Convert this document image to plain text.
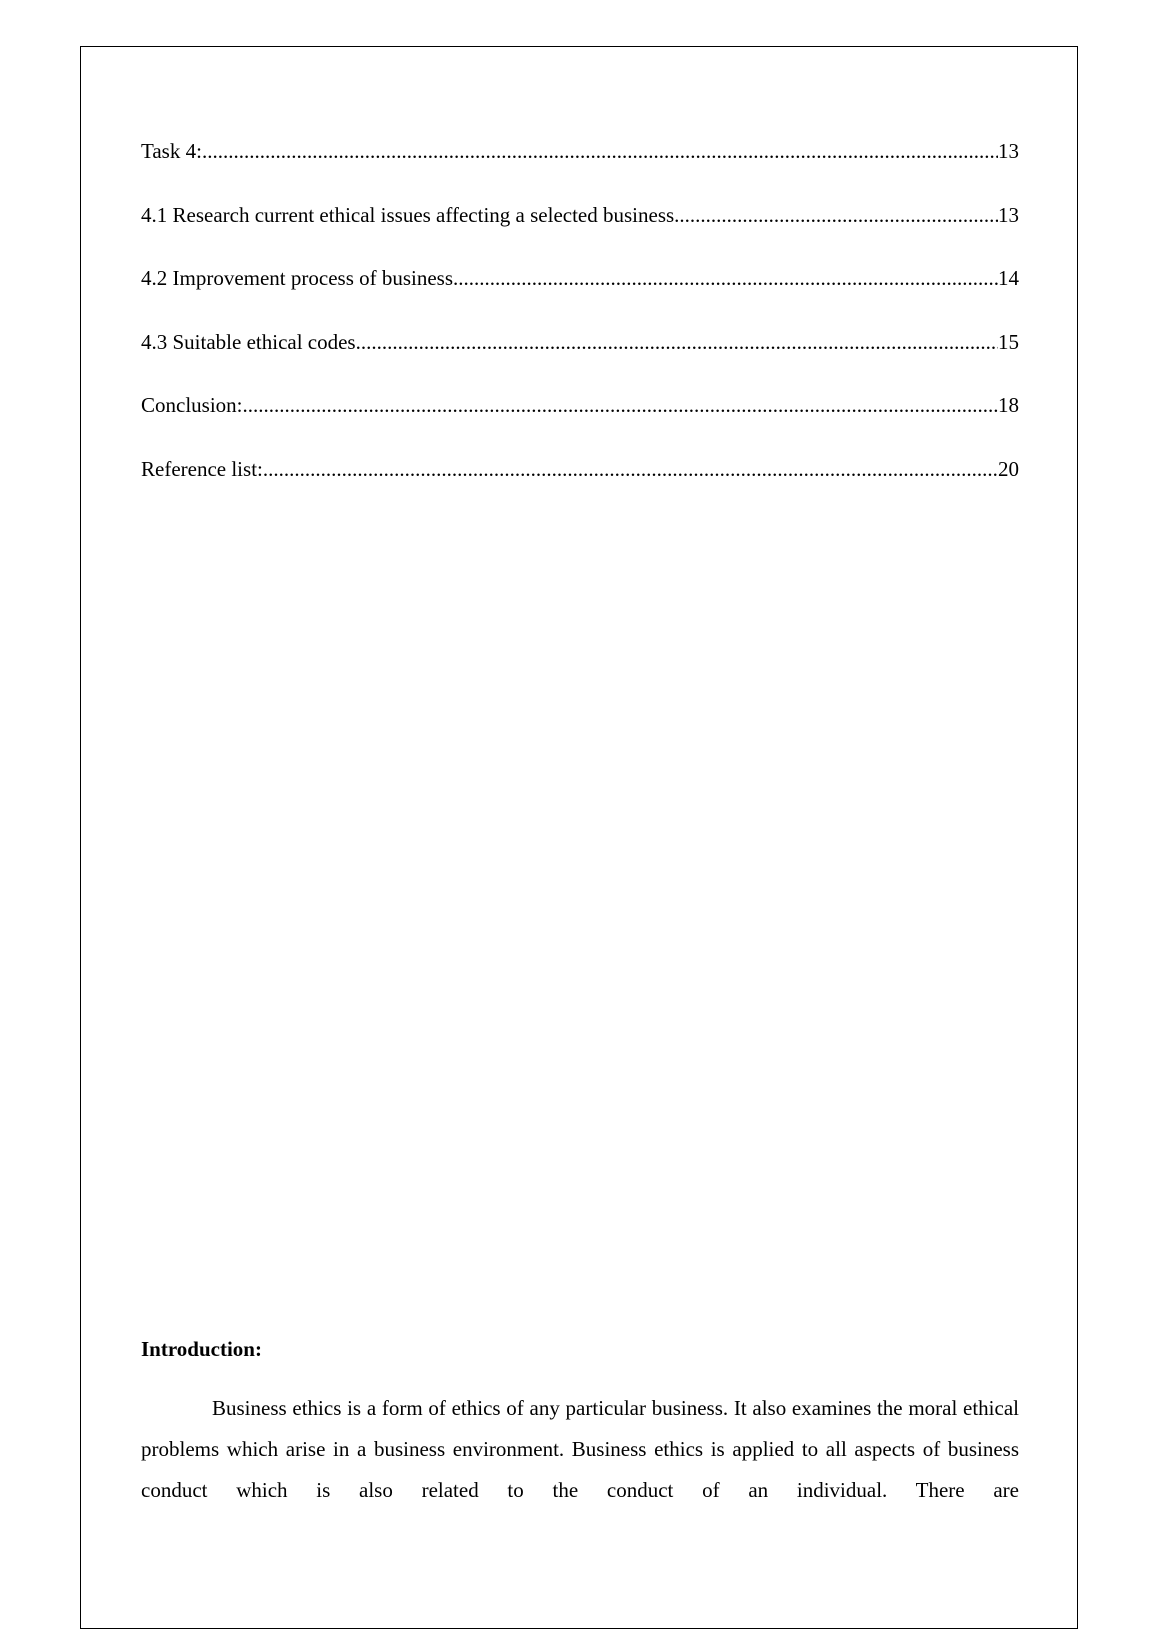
Task 4: .....	13
4.1 Research current ethical issues affecting a selected business .....	13
4.2 Improvement process of business .....	14
4.3 Suitable ethical codes .....	15
Conclusion: .....	18
Reference list: .....	20
Introduction:

Business ethics is a form of ethics of any particular business. It also examines the moral ethical problems which arise in a business environment. Business ethics is applied to all aspects of business conduct which is also related to the conduct of an individual. There are
